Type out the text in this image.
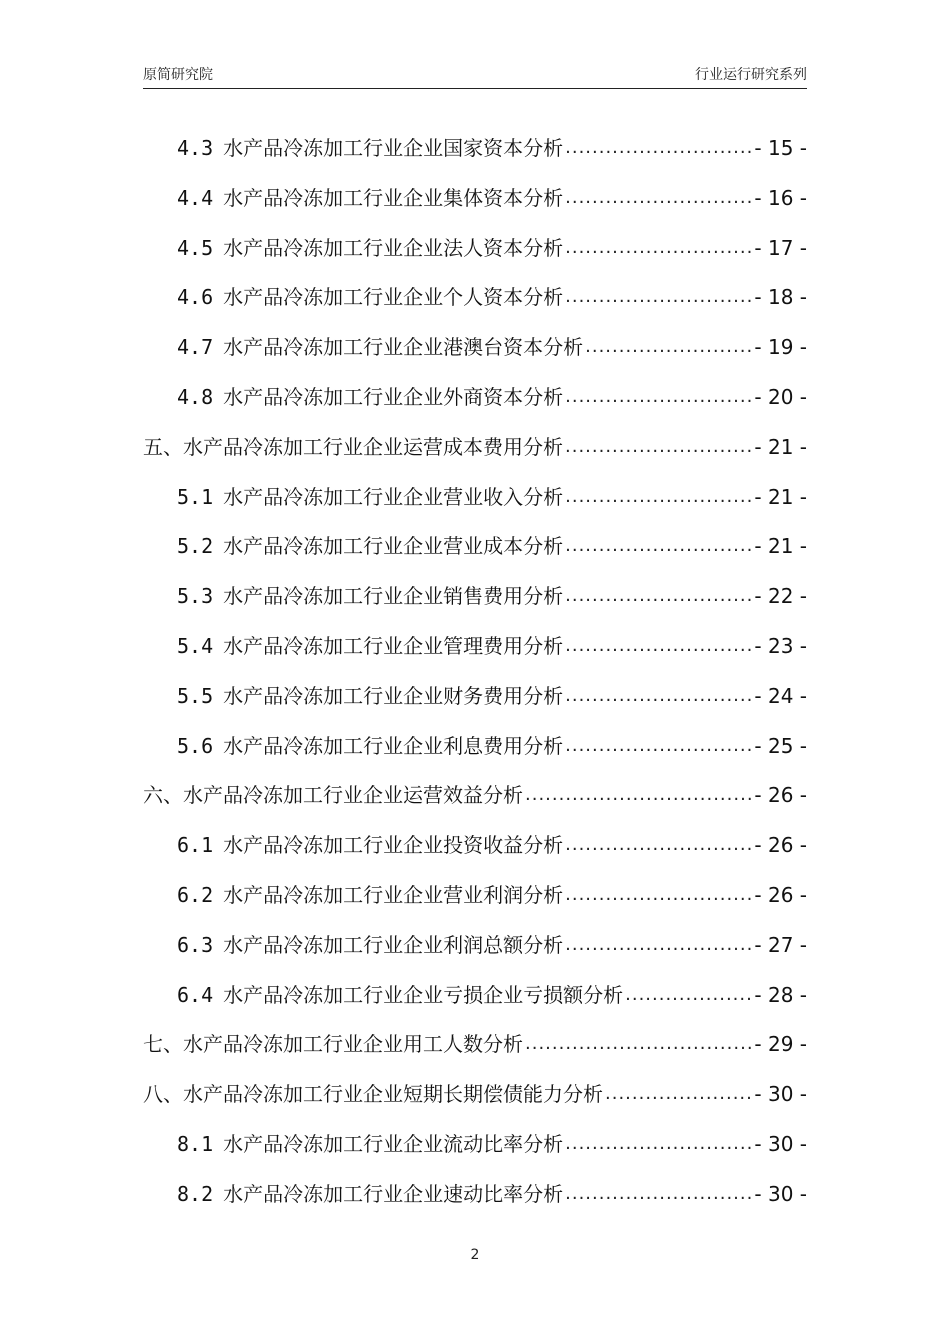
原简研究院	行业运行研究系列
4.3 水产品冷冻加工行业企业国家资本分析 .....	- 15 -
4.4 水产品冷冻加工行业企业集体资本分析 .....	- 16 -
4.5 水产品冷冻加工行业企业法人资本分析 .....	- 17 -
4.6 水产品冷冻加工行业企业个人资本分析 .....	- 18 -
4.7 水产品冷冻加工行业企业港澳台资本分析 .....	- 19 -
4.8 水产品冷冻加工行业企业外商资本分析 .....	- 20 -
五、水产品冷冻加工行业企业运营成本费用分析 .....	- 21 -
5.1 水产品冷冻加工行业企业营业收入分析 .....	- 21 -
5.2 水产品冷冻加工行业企业营业成本分析 .....	- 21 -
5.3 水产品冷冻加工行业企业销售费用分析 .....	- 22 -
5.4 水产品冷冻加工行业企业管理费用分析 .....	- 23 -
5.5 水产品冷冻加工行业企业财务费用分析 .....	- 24 -
5.6 水产品冷冻加工行业企业利息费用分析 .....	- 25 -
六、水产品冷冻加工行业企业运营效益分析 .....	- 26 -
6.1 水产品冷冻加工行业企业投资收益分析 .....	- 26 -
6.2 水产品冷冻加工行业企业营业利润分析 .....	- 26 -
6.3 水产品冷冻加工行业企业利润总额分析 .....	- 27 -
6.4 水产品冷冻加工行业企业亏损企业亏损额分析 .....	- 28 -
七、水产品冷冻加工行业企业用工人数分析 .....	- 29 -
八、水产品冷冻加工行业企业短期长期偿债能力分析 .....	- 30 -
8.1 水产品冷冻加工行业企业流动比率分析 .....	- 30 -
8.2 水产品冷冻加工行业企业速动比率分析 .....	- 30 -
2
